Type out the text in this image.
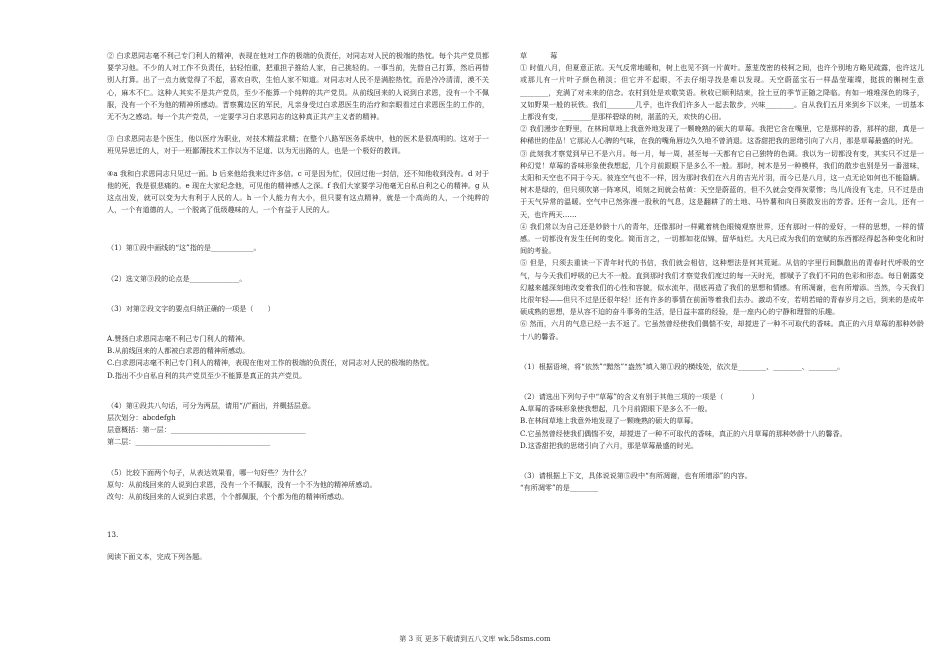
② 白求恩同志毫不利己专门利人的精神，表现在他对工作的极端的负责任，对同志对人民的极端的热忱。每个共产党员都要学习他。不少的人对工作不负责任，拈轻怕重，把重担子推给人家，自己挑轻的。一事当前，先替自己打算，然后再替别人打算。出了一点力就觉得了不起，喜欢自吹，生怕人家不知道。对同志对人民不是满腔热忱，而是冷冷清清，漠不关心，麻木不仁。这种人其实不是共产党员，至少不能算一个纯粹的共产党员。从前线回来的人说到白求恩，没有一个不佩服，没有一个不为他的精神所感动。晋察冀边区的军民，凡亲身受过白求恩医生的治疗和亲眼看过白求恩医生的工作的，无不为之感动。每一个共产党员，一定要学习白求恩同志的这种真正共产主义者的精神。

③ 白求恩同志是个医生，他以医疗为职业，对技术精益求精；在整个八路军医务系统中，他的医术是很高明的。这对于一班见异思迁的人，对于一班鄙薄技术工作以为不足道、以为无出路的人，也是一个极好的教训。

④a 我和白求恩同志只见过一面。b 后来他给我来过许多信。c 可是因为忙，仅回过他一封信，还不知他收到没有。d 对于他的死，我是很悲痛的。e 现在大家纪念他，可见他的精神感人之深。f 我们大家要学习他毫无自私自利之心的精神。g 从这点出发，就可以变为大有利于人民的人。h 一个人能力有大小，但只要有这点精神，就是一个高尚的人，一个纯粹的人，一个有道德的人，一个脱离了低级趣味的人，一个有益于人民的人。

（1）第①段中画线的“这”指的是____________。

（2）选文第③段的论点是______________。

（3）对第②段文字的要点归纳正确的一项是（　　）

A.赞扬白求恩同志毫不利己专门利人的精神。

B.从前线回来的人都被白求恩的精神所感动。

C.白求恩同志毫不利己专门利人的精神，表现在他对工作的极端的负责任，对同志对人民的极端的热忱。

D.指出不少自私自利的共产党员至少不能算是真正的共产党员。

（4）第④段共八句话，可分为两层，请用“//”画出，并概括层意。

层次划分：abcdefgh

层意概括：第一层：______________________________________

第二层：______________________________________

（5）比较下面两个句子，从表达效果看，哪一句好些？为什么？

原句：从前线回来的人说到白求恩，没有一个不佩服，没有一个不为他的精神所感动。

改句：从前线回来的人说到白求恩，个个都佩服，个个都为他的精神所感动。

13.

阅读下面文本，完成下列各题。

草　莓

① 时值八月，但夏意正浓。天气反常地暖和，树上也见不到一片黄叶。葱茏茂密的枝柯之间，也许个别地方略见疏露，也许这儿或那儿有一片叶子颜色稍淡；但它并不起眼，不去仔细寻找是难以发现。天空蔚蓝宝石一样晶莹璀璨，挺拔的槲树生意________，充满了对未来的信念。农村到处是欢歌笑语。秋收已顺利结束，捡土豆的季节正随之降临。有如一堆堆深色的珠子，又如野果一般的祆铁。我们________几乎，也许我们许多人一起去散步，兴味________。自从我们五月来到乡下以来，一切基本上都没有变，________是那样碧绿的树，湛蓝的天，欢快的心田。

② 我们漫步在野里，在林间草地上我意外地发现了一颗晚熟的硕大的草莓。我把它含在嘴里，它是那样的香，那样的甜，真是一种稀世的佳品！它那沁人心脾的气味，在我的嘴角唇边久久地不曾消退。这香甜把我的思绪引向了六月，那是草莓最盛的时光。

③ 此刻我才察觉到早已不是六月。每一月，每一周，甚至每一天都有它自己独特的色调。我以为一切都没有变，其实只不过是一种幻觉！草莓的香味形象使我想起，几个月前跟眼下是多么不一般。那时，树木是另一种模样，我们的散步也别是另一番滋味，太阳和天空也不同于今天。彼连空气也不一样，因为那时我们在六月的吉光片羽，而今已是八月，这一点无论如何也不能隐瞒。树木是绿的，但只须吹第一阵寒风，顷刻之间就会枯黄：天空是蔚蓝的，但不久就会变得灰蒙惨；鸟儿尚没有飞走，只不过是由于天气异常的温暖。空气中已然弥漫一股秋的气息，这是翻耕了的土地、马铃薯和向日葵散发出的芳香。还有一会儿，还有一天，也许两天……

④ 我们常以为自己还是妙龄十八的青年，还像那时一样戴着桃色眼镜观察世界，还有那时一样的爱好，一样的思想，一样的情感。一切都没有发生任何的变化。简而言之，一切都如花似锦，留华灿烂。大凡已成为我们的宽赋的东西都经得起各种变化和时间的考验。

⑤ 但是，只须去重读一下青年时代的书信，我们就会相信，这种想法是何其荒诞。从信的字里行间飘散出的青春时代呼吸的空气，与今天我们呼吸的已大不一般。直到那时我们才察觉我们度过的每一天时光，都赋予了我们不同的色彩和形态。每日朝露变幻越来越深刻地改变着我们的心性和容貌，似水流年，彻底再造了我们的思想和情感。有所凋谢，也有所增添。当然，今天我们比很年轻——但只不过是还很年轻！还有许多的事情在前面等着我们去办。激动不安，若明若暗的青春岁月之后，到来的是成年硕成熟的思想，是从容不迫的奋斗事务的生活，是日益丰富的经验，是一座内心的宁静和理智的乐趣。

⑥ 然而，六月的气息已经一去不返了。它虽然曾经使我们偶惴不安，却搅进了一种不可取代的香味。真正的六月草莓的那种妙龄十八的馨香。

（1）根据语境，将“依然”“黯然”“盎然”填入第①段的横线处，依次是________、________、________。

（2）请选出下列句子中“草莓”的含义有别于其他三项的一项是（　　　　）

A.草莓的香味形象使我想起，几个月前跟眼下是多么不一般。

B.在林间草地上我意外地发现了一颗晚熟的硕大的草莓。

C.它虽然曾经使我们偶惴不安，却搅进了一种不可取代的香味，真正的六月草莓的那种妙龄十八的馨香。

D.这香甜把我的思绪引向了六月，那是草莓最盛的时光。

（3）请根据上下文，具体说说第⑤段中“有所凋谢，也有所增添”的内容。

“有所凋零”的是________

第 3 页 更多下载请到五八文库 wk.58sms.com
